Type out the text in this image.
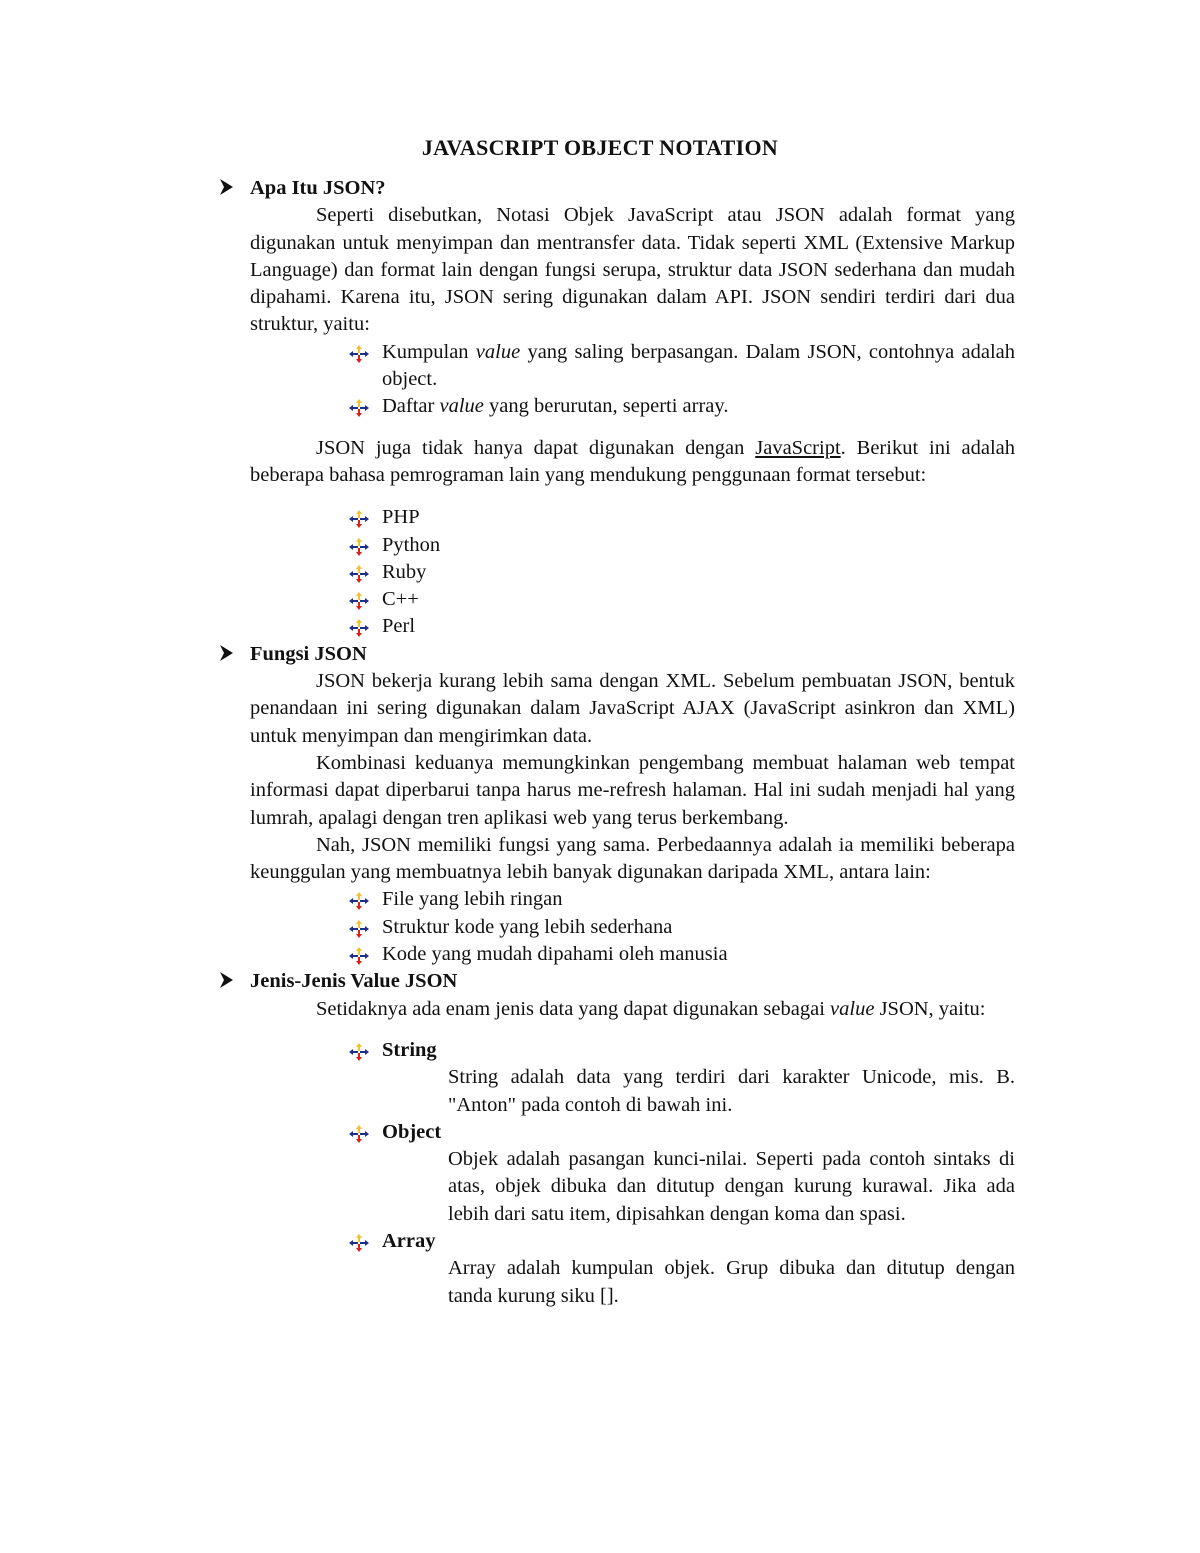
JAVASCRIPT OBJECT NOTATION
Apa Itu JSON?
Seperti disebutkan, Notasi Objek JavaScript atau JSON adalah format yang digunakan untuk menyimpan dan mentransfer data. Tidak seperti XML (Extensive Markup Language) dan format lain dengan fungsi serupa, struktur data JSON sederhana dan mudah dipahami. Karena itu, JSON sering digunakan dalam API. JSON sendiri terdiri dari dua struktur, yaitu:
Kumpulan value yang saling berpasangan. Dalam JSON, contohnya adalah object.
Daftar value yang berurutan, seperti array.
JSON juga tidak hanya dapat digunakan dengan JavaScript. Berikut ini adalah beberapa bahasa pemrograman lain yang mendukung penggunaan format tersebut:
PHP
Python
Ruby
C++
Perl
Fungsi JSON
JSON bekerja kurang lebih sama dengan XML. Sebelum pembuatan JSON, bentuk penandaan ini sering digunakan dalam JavaScript AJAX (JavaScript asinkron dan XML) untuk menyimpan dan mengirimkan data.
Kombinasi keduanya memungkinkan pengembang membuat halaman web tempat informasi dapat diperbarui tanpa harus me-refresh halaman. Hal ini sudah menjadi hal yang lumrah, apalagi dengan tren aplikasi web yang terus berkembang.
Nah, JSON memiliki fungsi yang sama. Perbedaannya adalah ia memiliki beberapa keunggulan yang membuatnya lebih banyak digunakan daripada XML, antara lain:
File yang lebih ringan
Struktur kode yang lebih sederhana
Kode yang mudah dipahami oleh manusia
Jenis-Jenis Value JSON
Setidaknya ada enam jenis data yang dapat digunakan sebagai value JSON, yaitu:
String
String adalah data yang terdiri dari karakter Unicode, mis. B. "Anton" pada contoh di bawah ini.
Object
Objek adalah pasangan kunci-nilai. Seperti pada contoh sintaks di atas, objek dibuka dan ditutup dengan kurung kurawal. Jika ada lebih dari satu item, dipisahkan dengan koma dan spasi.
Array
Array adalah kumpulan objek. Grup dibuka dan ditutup dengan tanda kurung siku [].
